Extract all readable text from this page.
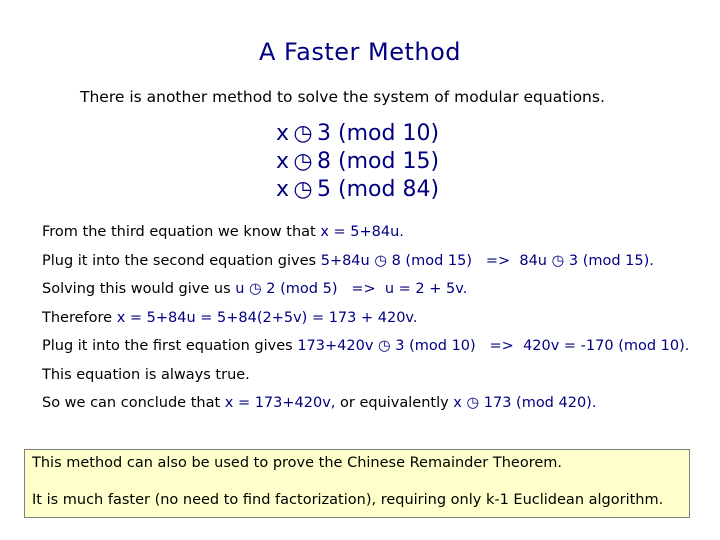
A Faster Method
There is another method to solve the system of modular equations.
x ◷ 3 (mod 10)
x ◷ 8 (mod 15)
x ◷ 5 (mod 84)
From the third equation we know that x = 5+84u.
Plug it into the second equation gives 5+84u ◷ 8 (mod 15)   =>  84u ◷ 3 (mod 15).
Solving this would give us u ◷ 2 (mod 5)   =>  u = 2 + 5v.
Therefore x = 5+84u = 5+84(2+5v) = 173 + 420v.
Plug it into the first equation gives 173+420v ◷ 3 (mod 10)   =>  420v = -170 (mod 10).
This equation is always true.
So we can conclude that x = 173+420v, or equivalently x ◷ 173 (mod 420).
This method can also be used to prove the Chinese Remainder Theorem.
It is much faster (no need to find factorization), requiring only k-1 Euclidean algorithm.
